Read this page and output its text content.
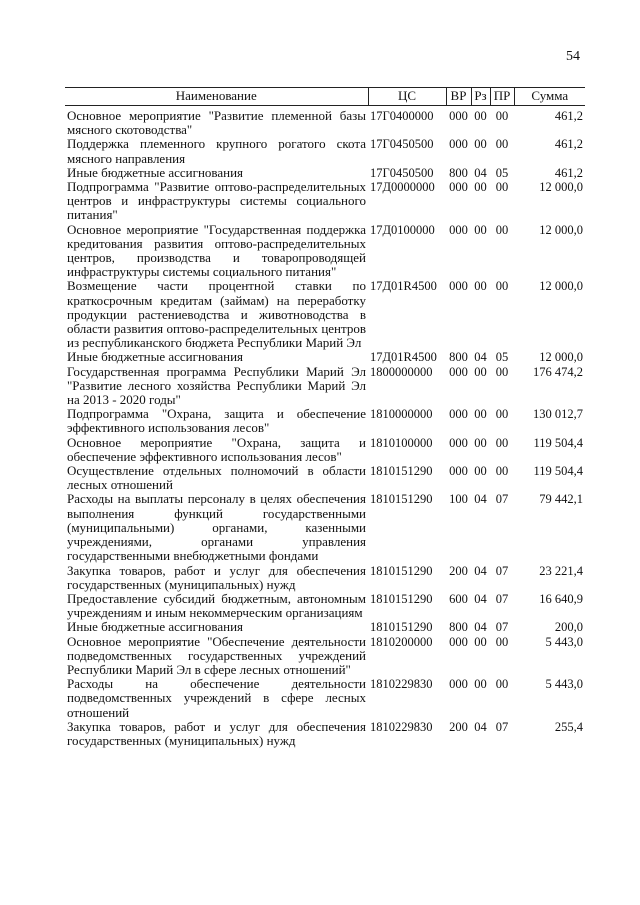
54
Наименование	ЦС	ВР	Рз	ПР	Сумма
Основное мероприятие "Развитие племенной базы мясного скотоводства"	17Г0400000	000	00	00	461,2
Поддержка племенного крупного рогатого скота мясного направления	17Г0450500	000	00	00	461,2
Иные бюджетные ассигнования	17Г0450500	800	04	05	461,2
Подпрограмма "Развитие оптово-распределительных центров и инфраструктуры системы социального питания"	17Д0000000	000	00	00	12 000,0
Основное мероприятие "Государственная поддержка кредитования развития оптово-распределительных центров, производства и товаропроводящей инфраструктуры системы социального питания"	17Д0100000	000	00	00	12 000,0
Возмещение части процентной ставки по краткосрочным кредитам (займам) на переработку продукции растениеводства и животноводства в области развития оптово-распределительных центров из республиканского бюджета Республики Марий Эл	17Д01R4500	000	00	00	12 000,0
Иные бюджетные ассигнования	17Д01R4500	800	04	05	12 000,0
Государственная программа Республики Марий Эл "Развитие лесного хозяйства Республики Марий Эл на 2013 - 2020 годы"	1800000000	000	00	00	176 474,2
Подпрограмма "Охрана, защита и обеспечение эффективного использования лесов"	1810000000	000	00	00	130 012,7
Основное мероприятие "Охрана, защита и обеспечение эффективного использования лесов"	1810100000	000	00	00	119 504,4
Осуществление отдельных полномочий в области лесных отношений	1810151290	000	00	00	119 504,4
Расходы на выплаты персоналу в целях обеспечения выполнения функций государственными (муниципальными) органами, казенными учреждениями, органами управления государственными внебюджетными фондами	1810151290	100	04	07	79 442,1
Закупка товаров, работ и услуг для обеспечения государственных (муниципальных) нужд	1810151290	200	04	07	23 221,4
Предоставление субсидий бюджетным, автономным учреждениям и иным некоммерческим организациям	1810151290	600	04	07	16 640,9
Иные бюджетные ассигнования	1810151290	800	04	07	200,0
Основное мероприятие "Обеспечение деятельности подведомственных государственных учреждений Республики Марий Эл в сфере лесных отношений"	1810200000	000	00	00	5 443,0
Расходы на обеспечение деятельности подведомственных учреждений в сфере лесных отношений	1810229830	000	00	00	5 443,0
Закупка товаров, работ и услуг для обеспечения государственных (муниципальных) нужд	1810229830	200	04	07	255,4
